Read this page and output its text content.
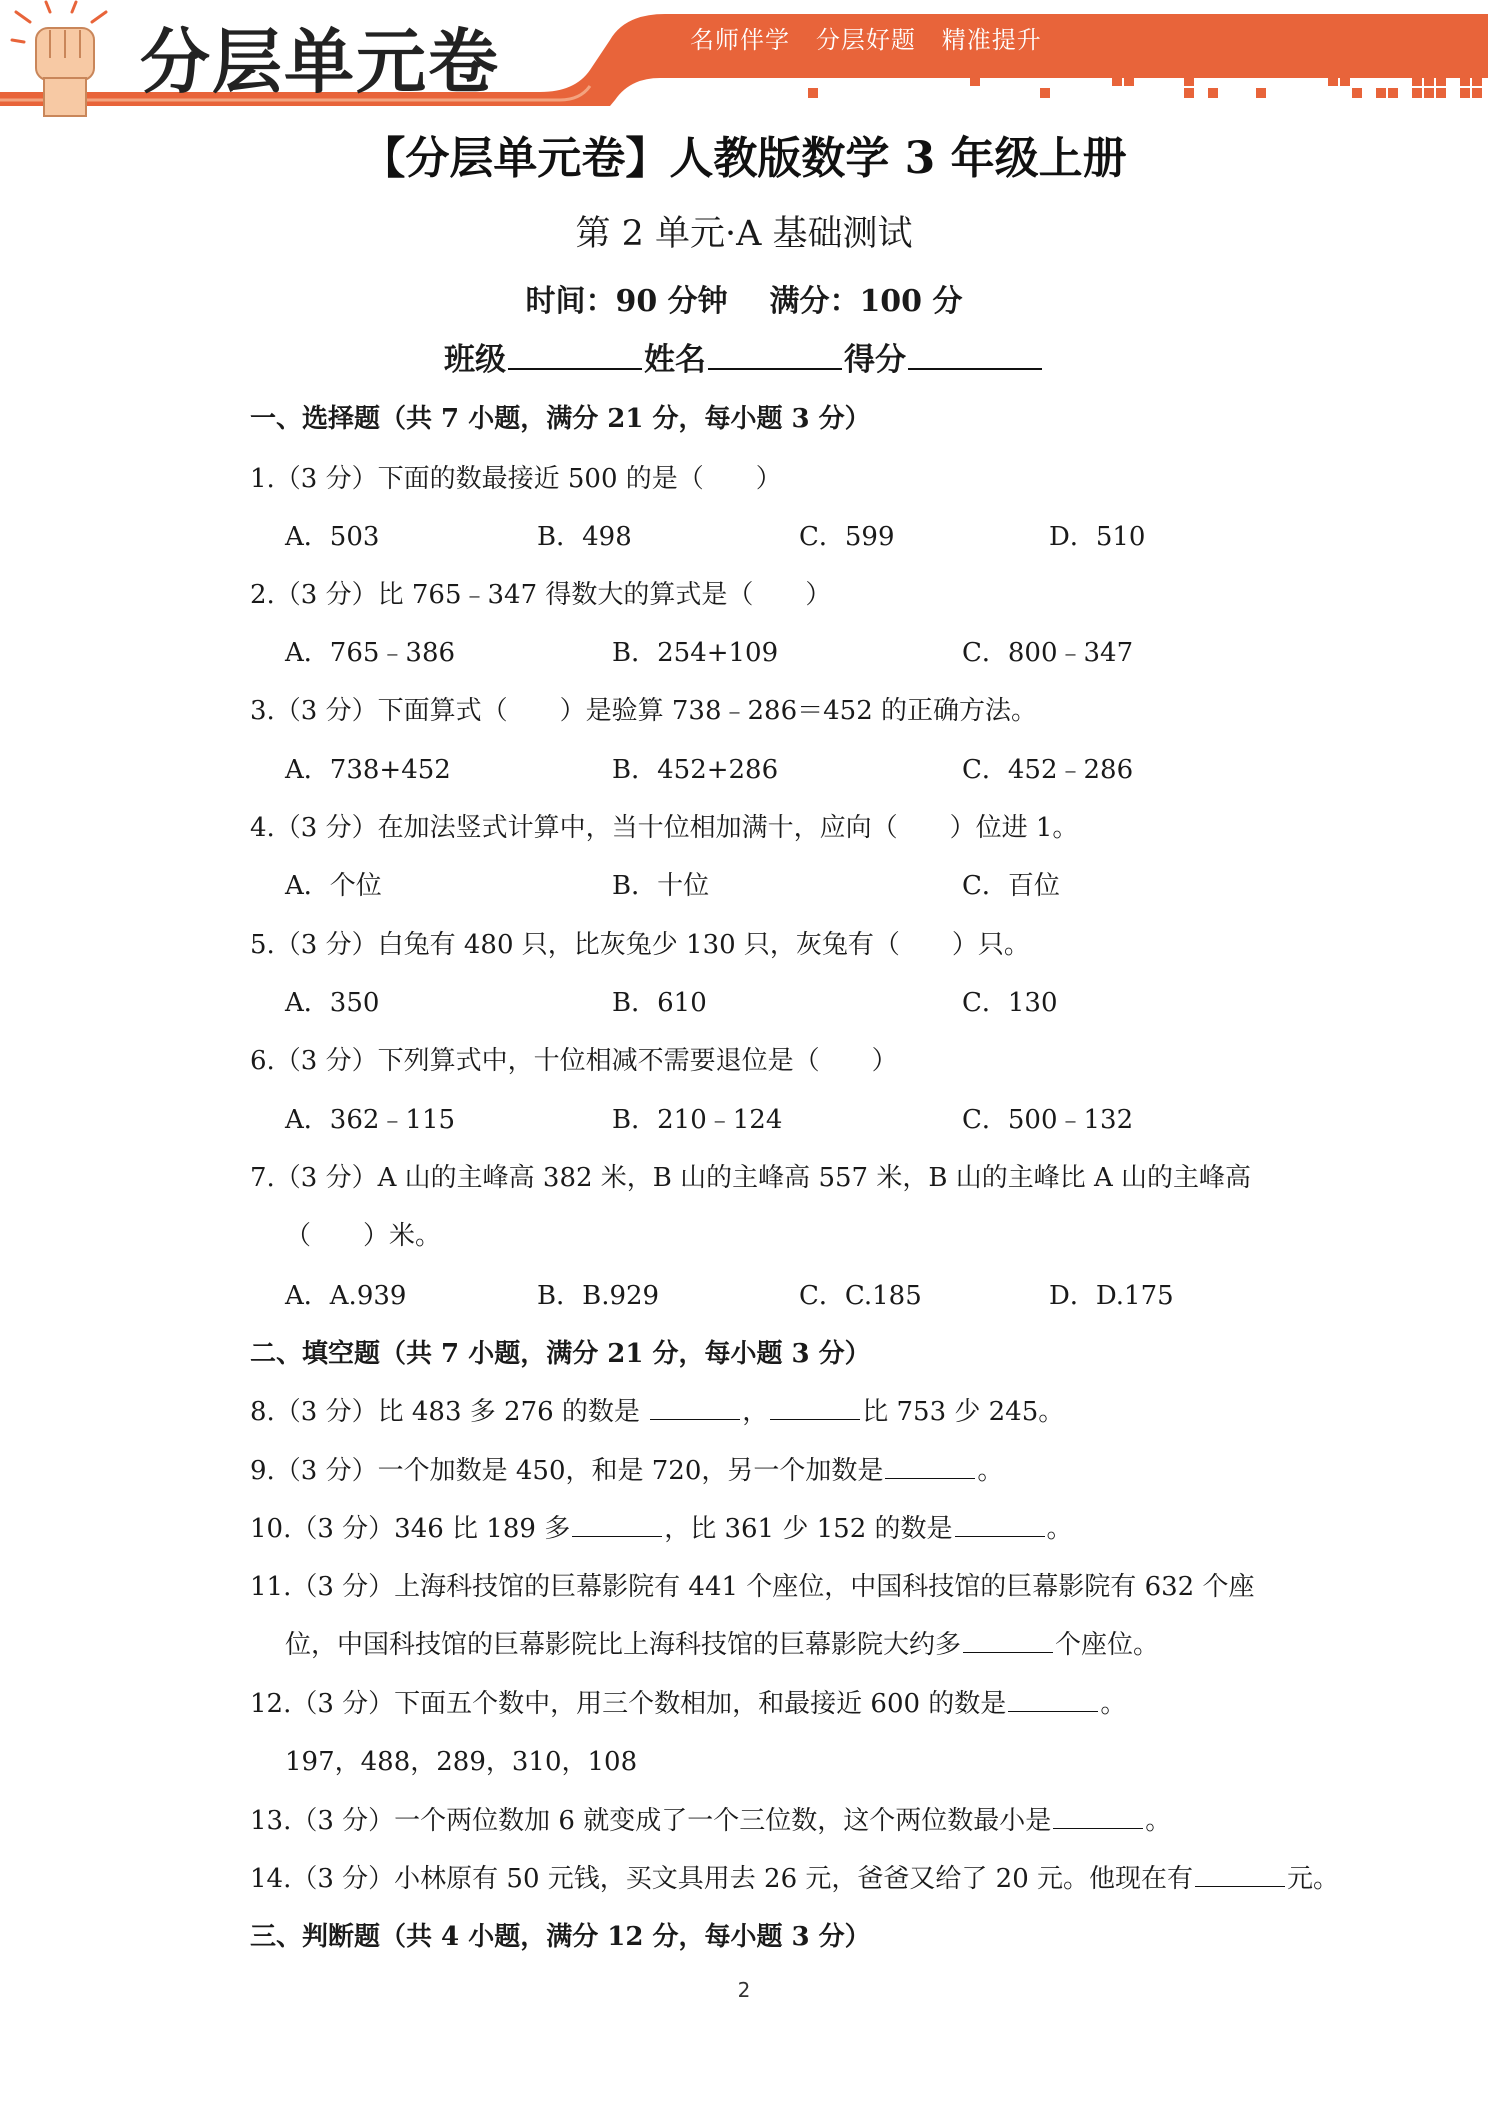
分层单元卷	名师伴学   分层好题   精准提升
【分层单元卷】人教版数学 3 年级上册
第 2 单元·A 基础测试
时间：90 分钟    满分：100 分
班级	姓名	得分
一、选择题（共 7 小题，满分 21 分，每小题 3 分）
1.（3 分）下面的数最接近 500 的是（　　）
A．503	B．498	C．599	D．510
2.（3 分）比 765﹣347 得数大的算式是（　　）
A．765﹣386	B．254+109	C．800﹣347
3.（3 分）下面算式（　　）是验算 738﹣286＝452 的正确方法。
A．738+452	B．452+286	C．452﹣286
4.（3 分）在加法竖式计算中，当十位相加满十，应向（　　）位进 1。
A．个位	B．十位	C．百位
5.（3 分）白兔有 480 只，比灰兔少 130 只，灰兔有（　　）只。
A．350	B．610	C．130
6.（3 分）下列算式中，十位相减不需要退位是（　　）
A．362﹣115	B．210﹣124	C．500﹣132
7.（3 分）A 山的主峰高 382 米，B 山的主峰高 557 米，B 山的主峰比 A 山的主峰高
（　　）米。
A．A.939	B．B.929	C．C.185	D．D.175
二、填空题（共 7 小题，满分 21 分，每小题 3 分）
8.（3 分）比 483 多 276 的数是	，	比 753 少 245。
9.（3 分）一个加数是 450，和是 720，另一个加数是	。
10.（3 分）346 比 189 多	，比 361 少 152 的数是	。
11.（3 分）上海科技馆的巨幕影院有 441 个座位，中国科技馆的巨幕影院有 632 个座
位，中国科技馆的巨幕影院比上海科技馆的巨幕影院大约多	个座位。
12.（3 分）下面五个数中，用三个数相加，和最接近 600 的数是	。
197，488，289，310，108
13.（3 分）一个两位数加 6 就变成了一个三位数，这个两位数最小是	。
14.（3 分）小林原有 50 元钱，买文具用去 26 元，爸爸又给了 20 元。他现在有	元。
三、判断题（共 4 小题，满分 12 分，每小题 3 分）
2
